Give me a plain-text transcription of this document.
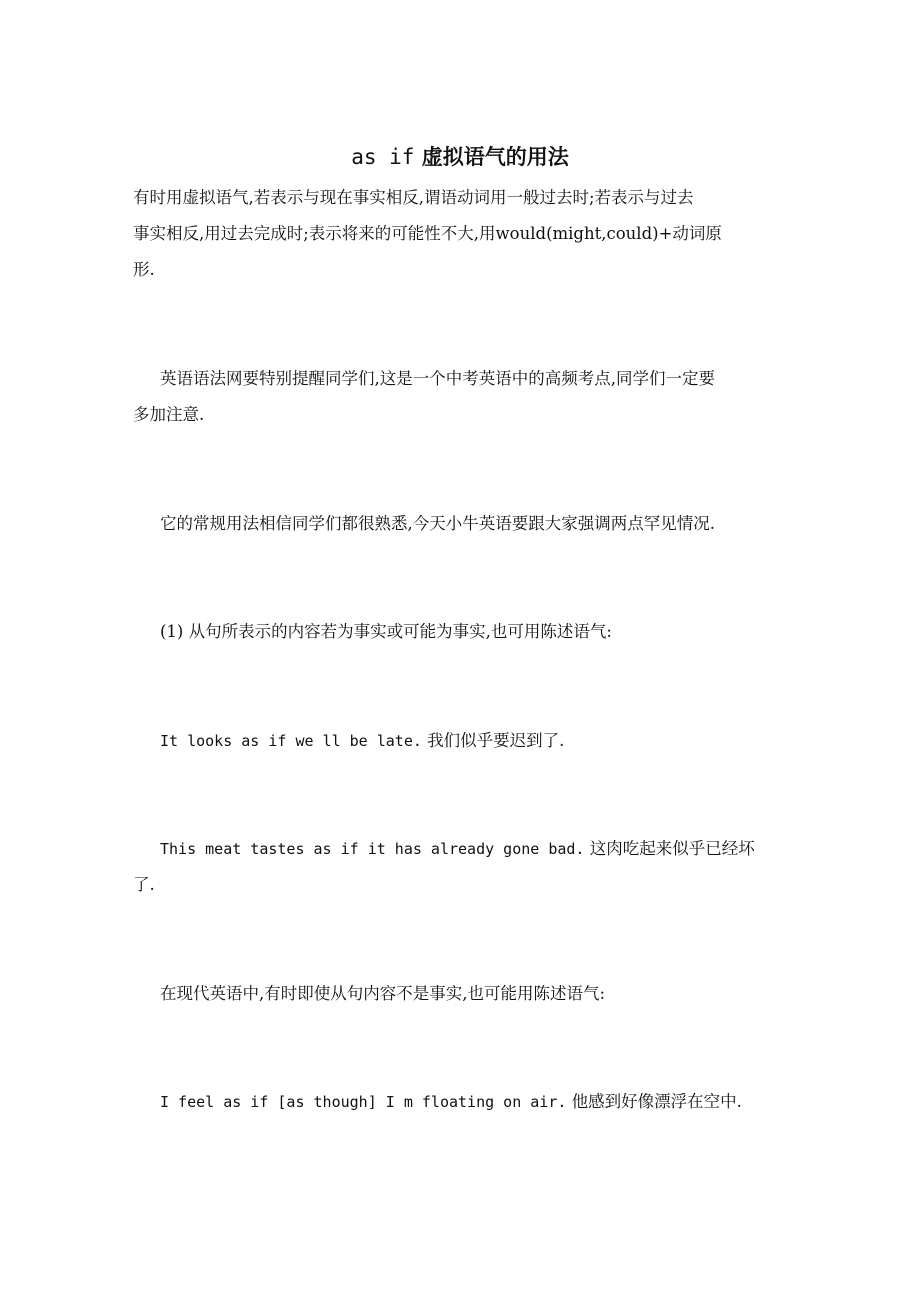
as if 虚拟语气的用法
有时用虚拟语气,若表示与现在事实相反,谓语动词用一般过去时;若表示与过去
事实相反,用过去完成时;表示将来的可能性不大,用would(might,could)+动词原
形.
英语语法网要特别提醒同学们,这是一个中考英语中的高频考点,同学们一定要
多加注意.
它的常规用法相信同学们都很熟悉,今天小牛英语要跟大家强调两点罕见情况.
(1) 从句所表示的内容若为事实或可能为事实,也可用陈述语气:
It looks as if we ll be late. 我们似乎要迟到了.
This meat tastes as if it has already gone bad. 这肉吃起来似乎已经坏
了.
在现代英语中,有时即使从句内容不是事实,也可能用陈述语气:
I feel as if [as though] I m floating on air. 他感到好像漂浮在空中.
